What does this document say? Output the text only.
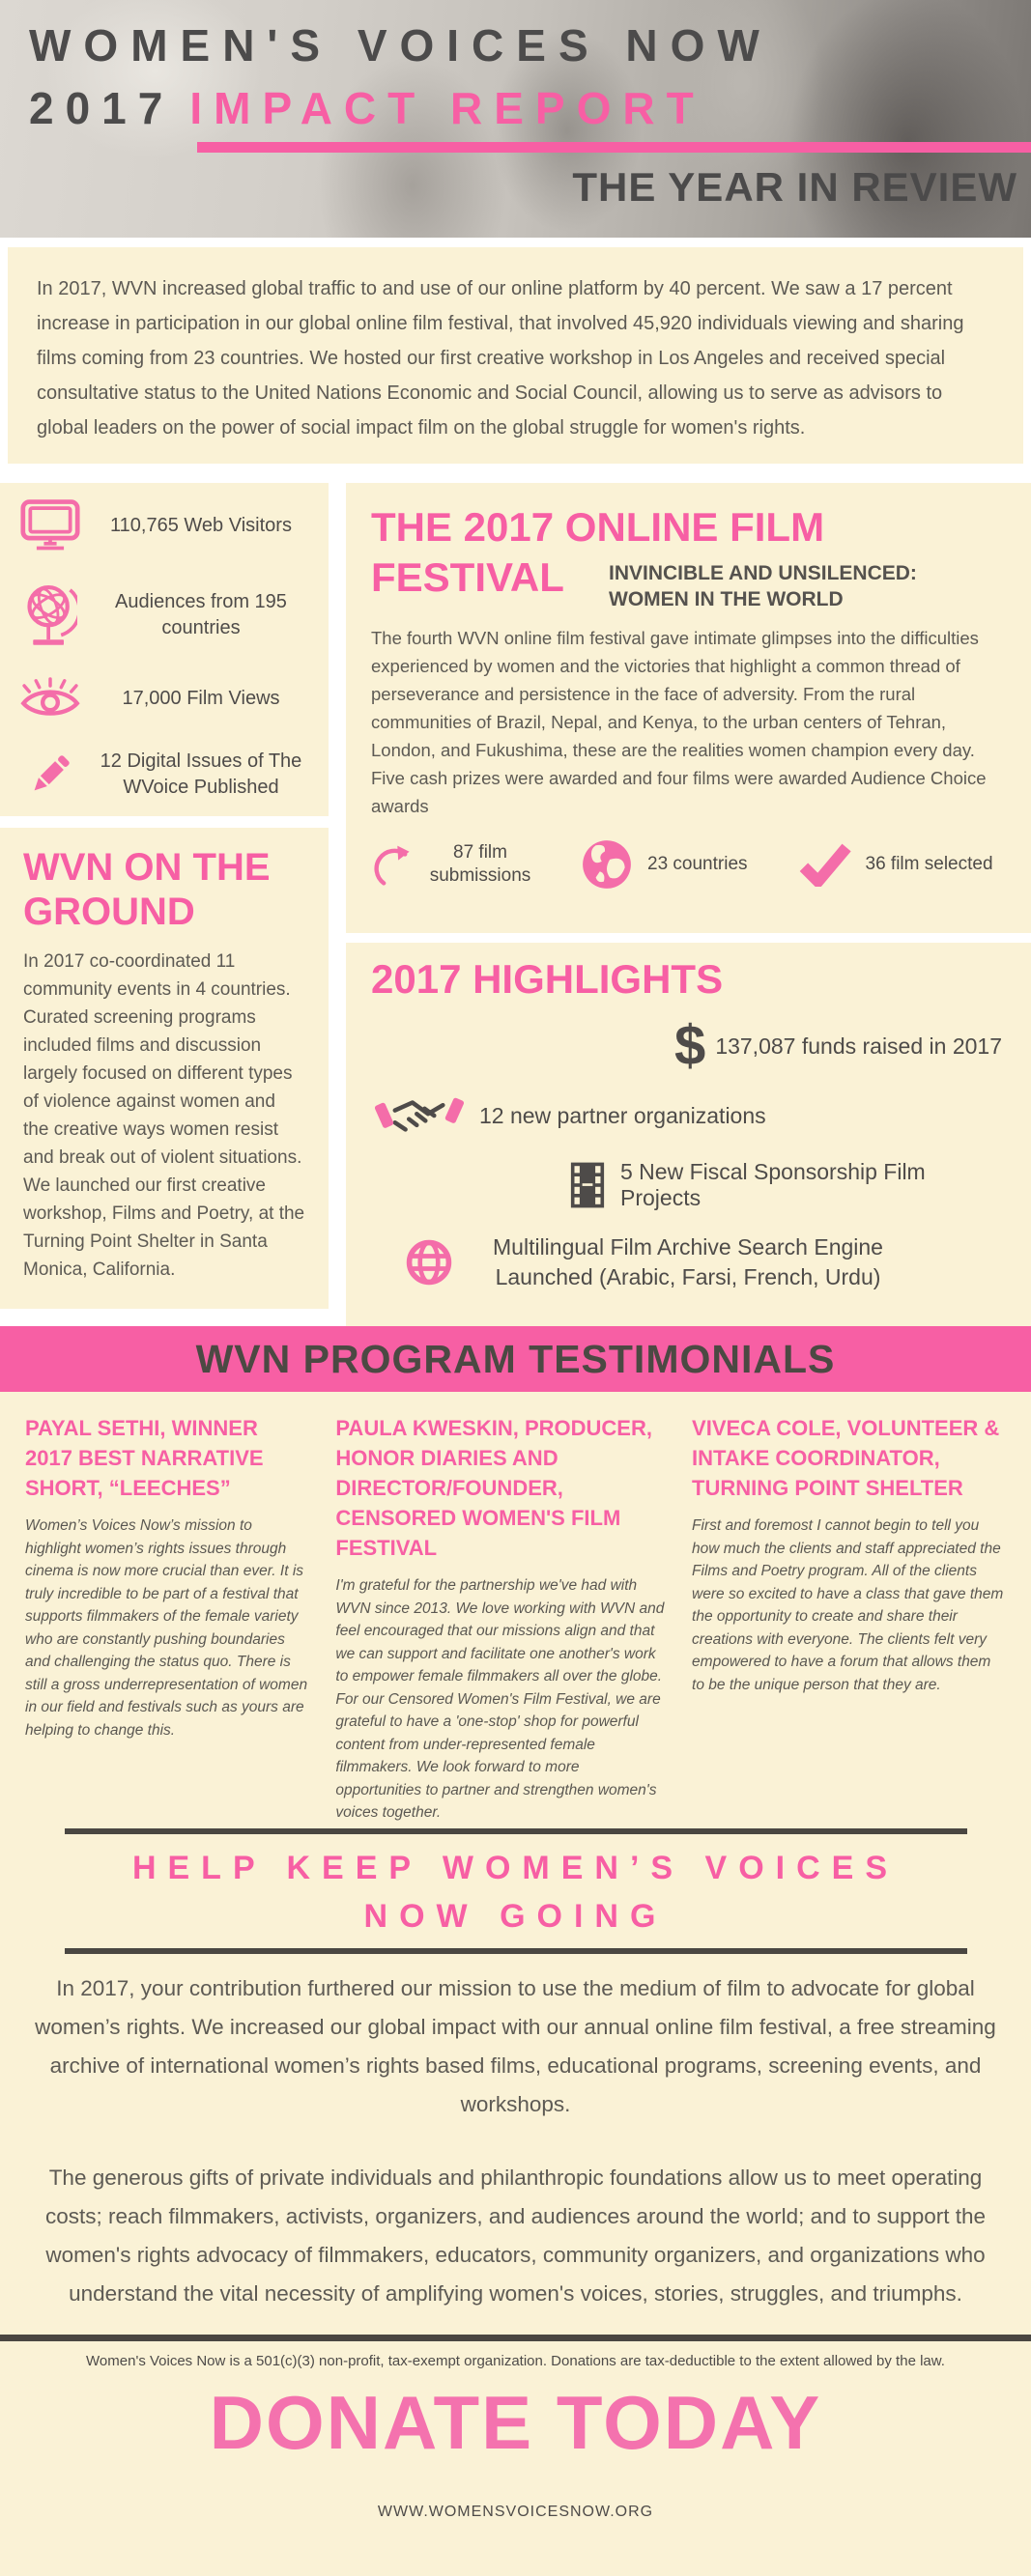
WOMEN'S VOICES NOW
2017 IMPACT REPORT
THE YEAR IN REVIEW

In 2017, WVN increased global traffic to and use of our online platform by 40 percent. We saw a 17 percent increase in participation in our global online film festival, that involved 45,920 individuals viewing and sharing films coming from 23 countries. We hosted our first creative workshop in Los Angeles and received special consultative status to the United Nations Economic and Social Council, allowing us to serve as advisors to global leaders on the power of social impact film on the global struggle for women's rights.

110,765 Web Visitors
Audiences from 195 countries
17,000 Film Views
12 Digital Issues of The WVoice Published
WVN ON THE GROUND

In 2017 co-coordinated 11 community events in 4 countries. Curated screening programs included films and discussion largely focused on different types of violence against women and the creative ways women resist and break out of violent situations. We launched our first creative workshop, Films and Poetry, at the Turning Point Shelter in Santa Monica, California.

THE 2017 ONLINE FILM FESTIVAL	INVINCIBLE AND UNSILENCED: WOMEN IN THE WORLD

The fourth WVN online film festival gave intimate glimpses into the difficulties experienced by women and the victories that highlight a common thread of perseverance and persistence in the face of adversity. From the rural communities of Brazil, Nepal, and Kenya, to the urban centers of Tehran, London, and Fukushima, these are the realities women champion every day. Five cash prizes were awarded and four films were awarded Audience Choice awards

87 film submissions
23 countries	36 film selected
2017 HIGHLIGHTS
$ 137,087 funds raised in 2017
12 new partner organizations
5 New Fiscal Sponsorship Film Projects
Multilingual Film Archive Search Engine Launched (Arabic, Farsi, French, Urdu)
WVN PROGRAM TESTIMONIALS
PAYAL SETHI, WINNER 2017 BEST NARRATIVE SHORT, “LEECHES”

Women’s Voices Now’s mission to highlight women’s rights issues through cinema is now more crucial than ever. It is truly incredible to be part of a festival that supports filmmakers of the female variety who are constantly pushing boundaries and challenging the status quo. There is still a gross underrepresentation of women in our field and festivals such as yours are helping to change this.

PAULA KWESKIN, PRODUCER, HONOR DIARIES AND DIRECTOR/FOUNDER, CENSORED WOMEN'S FILM FESTIVAL

I'm grateful for the partnership we've had with WVN since 2013. We love working with WVN and feel encouraged that our missions align and that we can support and facilitate one another's work to empower female filmmakers all over the globe. For our Censored Women's Film Festival, we are grateful to have a 'one-stop' shop for powerful content from under-represented female filmmakers. We look forward to more opportunities to partner and strengthen women's voices together.

VIVECA COLE, VOLUNTEER & INTAKE COORDINATOR, TURNING POINT SHELTER

First and foremost I cannot begin to tell you how much the clients and staff appreciated the Films and Poetry program. All of the clients were so excited to have a class that gave them the opportunity to create and share their creations with everyone. The clients felt very empowered to have a forum that allows them to be the unique person that they are.

HELP KEEP WOMEN’S VOICES NOW GOING

In 2017, your contribution furthered our mission to use the medium of film to advocate for global women’s rights. We increased our global impact with our annual online film festival, a free streaming archive of international women’s rights based films, educational programs, screening events, and workshops.

The generous gifts of private individuals and philanthropic foundations allow us to meet operating costs; reach filmmakers, activists, organizers, and audiences around the world; and to support the women's rights advocacy of filmmakers, educators, community organizers, and organizations who understand the vital necessity of amplifying women's voices, stories, struggles, and triumphs.

Women's Voices Now is a 501(c)(3) non-profit, tax-exempt organization. Donations are tax-deductible to the extent allowed by the law.

DONATE TODAY
WWW.WOMENSVOICESNOW.ORG
